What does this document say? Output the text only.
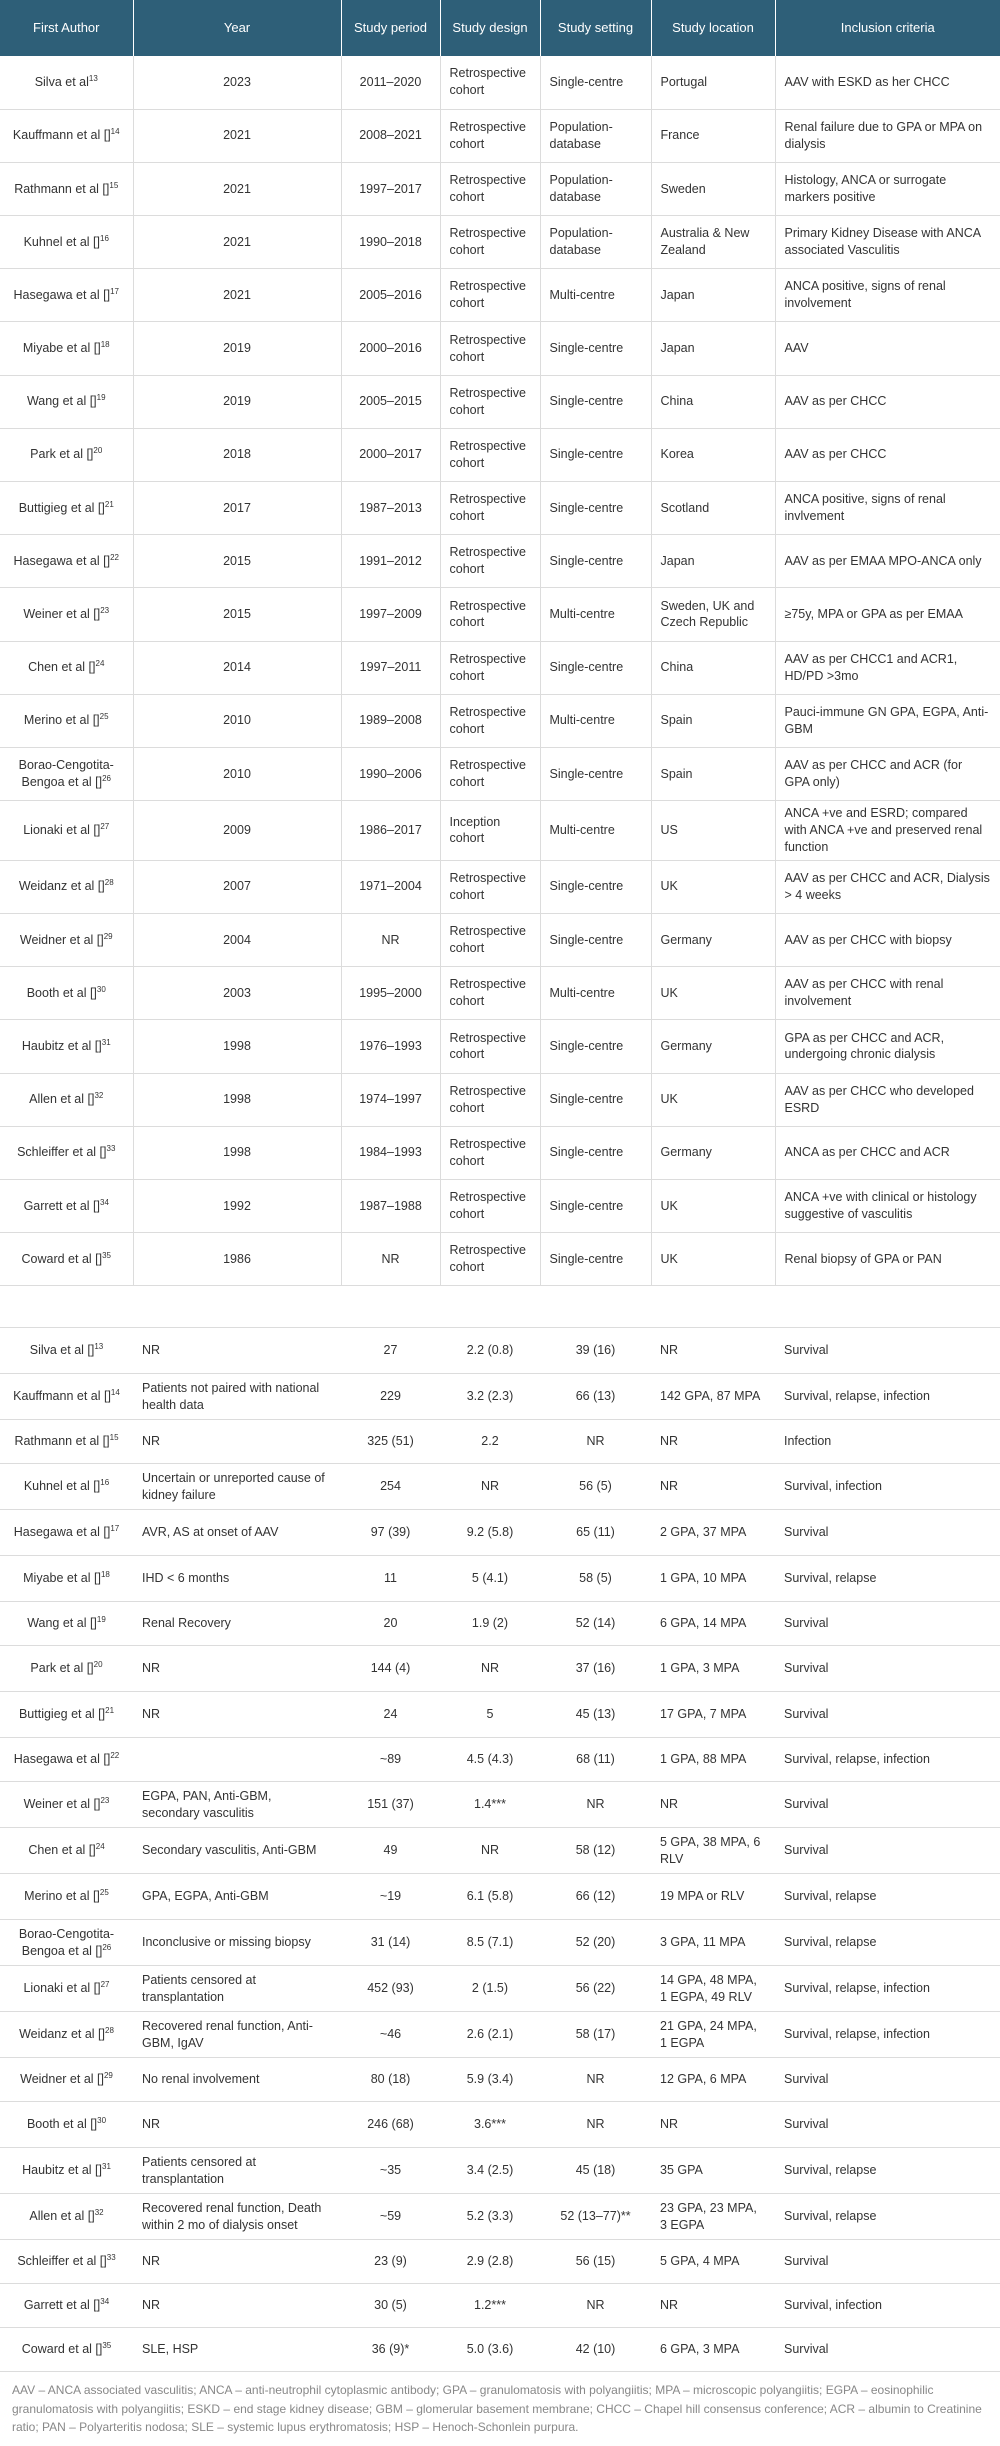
First Author	Year	Study period	Study design	Study setting	Study location	Inclusion criteria
Silva et $al^{13}$	2023	2011–2020	Retrospective cohort	Single-centre	Portugal	AAV with ESKD as her CHCC
Kauffmann et al []$^{14}$	2021	2008–2021	Retrospective cohort	Population-database	France	Renal failure due to GPA or MPA on dialysis
Rathmann et al []$^{15}$	2021	1997–2017	Retrospective cohort	Population-database	Sweden	Histology, ANCA or surrogate markers positive
Kuhnel et al []$^{16}$	2021	1990–2018	Retrospective cohort	Population-database	Australia & New Zealand	Primary Kidney Disease with ANCA associated Vasculitis
Hasegawa et al []$^{17}$	2021	2005–2016	Retrospective cohort	Multi-centre	Japan	ANCA positive, signs of renal involvement
Miyabe et al []$^{18}$	2019	2000–2016	Retrospective cohort	Single-centre	Japan	AAV
Wang et al []$^{19}$	2019	2005–2015	Retrospective cohort	Single-centre	China	AAV as per CHCC
Park et al []$^{20}$	2018	2000–2017	Retrospective cohort	Single-centre	Korea	AAV as per CHCC
Buttigieg et al []$^{21}$	2017	1987–2013	Retrospective cohort	Single-centre	Scotland	ANCA positive, signs of renal invlvement
Hasegawa et al []$^{22}$	2015	1991–2012	Retrospective cohort	Single-centre	Japan	AAV as per EMAA MPO-ANCA only
Weiner et al []$^{23}$	2015	1997–2009	Retrospective cohort	Multi-centre	Sweden, UK and Czech Republic	≥75y, MPA or GPA as per EMAA
Chen et al []$^{24}$	2014	1997–2011	Retrospective cohort	Single-centre	China	AAV as per CHCC1 and ACR1, HD/PD >3mo
Merino et al []$^{25}$	2010	1989–2008	Retrospective cohort	Multi-centre	Spain	Pauci-immune GN GPA, EGPA, Anti-GBM
Borao-Cengotita-Bengoa et al []$^{26}$	2010	1990–2006	Retrospective cohort	Single-centre	Spain	AAV as per CHCC and ACR (for GPA only)
Lionaki et al []$^{27}$	2009	1986–2017	Inception cohort	Multi-centre	US	ANCA +ve and ESRD; compared with ANCA +ve and preserved renal function
Weidanz et al []$^{28}$	2007	1971–2004	Retrospective cohort	Single-centre	UK	AAV as per CHCC and ACR, Dialysis > 4 weeks
Weidner et al []$^{29}$	2004	NR	Retrospective cohort	Single-centre	Germany	AAV as per CHCC with biopsy
Booth et al []$^{30}$	2003	1995–2000	Retrospective cohort	Multi-centre	UK	AAV as per CHCC with renal involvement
Haubitz et al []$^{31}$	1998	1976–1993	Retrospective cohort	Single-centre	Germany	GPA as per CHCC and ACR, undergoing chronic dialysis
Allen et al []$^{32}$	1998	1974–1997	Retrospective cohort	Single-centre	UK	AAV as per CHCC who developed ESRD
Schleiffer et al []$^{33}$	1998	1984–1993	Retrospective cohort	Single-centre	Germany	ANCA as per CHCC and ACR
Garrett et al []$^{34}$	1992	1987–1988	Retrospective cohort	Single-centre	UK	ANCA +ve with clinical or histology suggestive of vasculitis
Coward et al []$^{35}$	1986	NR	Retrospective cohort	Single-centre	UK	Renal biopsy of GPA or PAN

Silva et al []$^{13}$	NR	27	2.2 (0.8)	39 (16)	NR	Survival
Kauffmann et al []$^{14}$	Patients not paired with national health data	229	3.2 (2.3)	66 (13)	142 GPA, 87 MPA	Survival, relapse, infection
Rathmann et al []$^{15}$	NR	325 (51)	2.2	NR	NR	Infection
Kuhnel et al []$^{16}$	Uncertain or unreported cause of kidney failure	254	NR	56 (5)	NR	Survival, infection
Hasegawa et al []$^{17}$	AVR, AS at onset of AAV	97 (39)	9.2 (5.8)	65 (11)	2 GPA, 37 MPA	Survival
Miyabe et al []$^{18}$	IHD < 6 months	11	5 (4.1)	58 (5)	1 GPA, 10 MPA	Survival, relapse
Wang et al []$^{19}$	Renal Recovery	20	1.9 (2)	52 (14)	6 GPA, 14 MPA	Survival
Park et al []$^{20}$	NR	144 (4)	NR	37 (16)	1 GPA, 3 MPA	Survival
Buttigieg et al []$^{21}$	NR	24	5	45 (13)	17 GPA, 7 MPA	Survival
Hasegawa et al []$^{22}$		~89	4.5 (4.3)	68 (11)	1 GPA, 88 MPA	Survival, relapse, infection
Weiner et al []$^{23}$	EGPA, PAN, Anti-GBM, secondary vasculitis	151 (37)	1.4***	NR	NR	Survival
Chen et al []$^{24}$	Secondary vasculitis, Anti-GBM	49	NR	58 (12)	5 GPA, 38 MPA, 6 RLV	Survival
Merino et al []$^{25}$	GPA, EGPA, Anti-GBM	~19	6.1 (5.8)	66 (12)	19 MPA or RLV	Survival, relapse
Borao-Cengotita-Bengoa et al []$^{26}$	Inconclusive or missing biopsy	31 (14)	8.5 (7.1)	52 (20)	3 GPA, 11 MPA	Survival, relapse
Lionaki et al []$^{27}$	Patients censored at transplantation	452 (93)	2 (1.5)	56 (22)	14 GPA, 48 MPA, 1 EGPA, 49 RLV	Survival, relapse, infection
Weidanz et al []$^{28}$	Recovered renal function, Anti-GBM, IgAV	~46	2.6 (2.1)	58 (17)	21 GPA, 24 MPA, 1 EGPA	Survival, relapse, infection
Weidner et al []$^{29}$	No renal involvement	80 (18)	5.9 (3.4)	NR	12 GPA, 6 MPA	Survival
Booth et al []$^{30}$	NR	246 (68)	3.6***	NR	NR	Survival
Haubitz et al []$^{31}$	Patients censored at transplantation	~35	3.4 (2.5)	45 (18)	35 GPA	Survival, relapse
Allen et al []$^{32}$	Recovered renal function, Death within 2 mo of dialysis onset	~59	5.2 (3.3)	52 (13–77)**	23 GPA, 23 MPA, 3 EGPA	Survival, relapse
Schleiffer et al []$^{33}$	NR	23 (9)	2.9 (2.8)	56 (15)	5 GPA, 4 MPA	Survival
Garrett et al []$^{34}$	NR	30 (5)	1.2***	NR	NR	Survival, infection
Coward et al []$^{35}$	SLE, HSP	36 (9)*	5.0 (3.6)	42 (10)	6 GPA, 3 MPA	Survival
AAV – ANCA associated vasculitis; ANCA – anti-neutrophil cytoplasmic antibody; GPA – granulomatosis with polyangiitis; MPA – microscopic polyangiitis; EGPA – eosinophilic granulomatosis with polyangiitis; ESKD – end stage kidney disease; GBM – glomerular basement membrane; CHCC – Chapel hill consensus conference; ACR – albumin to Creatinine ratio; PAN – Polyarteritis nodosa; SLE – systemic lupus erythromatosis; HSP – Henoch-Schonlein purpura.
